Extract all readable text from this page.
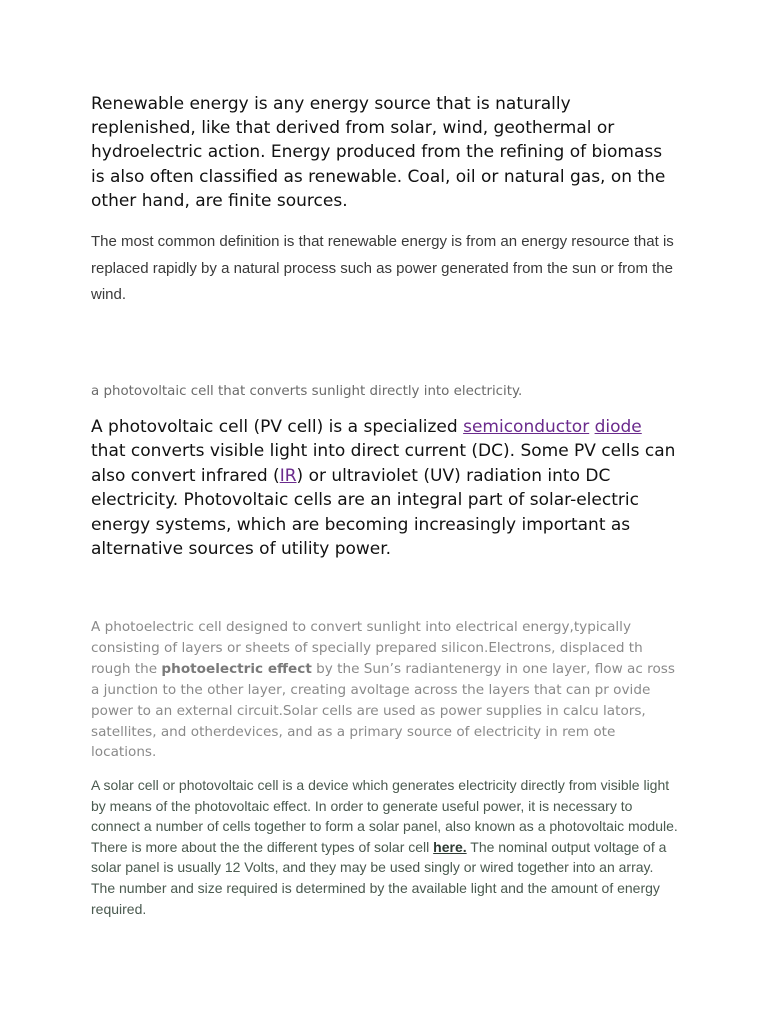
Renewable energy is any energy source that is naturally replenished, like that derived from solar, wind, geothermal or hydroelectric action. Energy produced from the refining of biomass is also often classified as renewable. Coal, oil or natural gas, on the other hand, are finite sources.

The most common definition is that renewable energy is from an energy resource that is replaced rapidly by a natural process such as power generated from the sun or from the wind.

a photovoltaic cell that converts sunlight directly into electricity.

A photovoltaic cell (PV cell) is a specialized semiconductor diode that converts visible light into direct current (DC). Some PV cells can also convert infrared (IR) or ultraviolet (UV) radiation into DC electricity. Photovoltaic cells are an integral part of solar-electric energy systems, which are becoming increasingly important as alternative sources of utility power.

A photoelectric cell designed to convert sunlight into electrical energy,typically consisting of layers or sheets of specially prepared silicon.Electrons, displaced th rough the photoelectric effect by the Sun’s radiantenergy in one layer, flow ac ross a junction to the other layer, creating avoltage across the layers that can pr ovide power to an external circuit.Solar cells are used as power supplies in calcu lators, satellites, and otherdevices, and as a primary source of electricity in rem ote locations.

A solar cell or photovoltaic cell is a device which generates electricity directly from visible light by means of the photovoltaic effect. In order to generate useful power, it is necessary to connect a number of cells together to form a solar panel, also known as a photovoltaic module. There is more about the the different types of solar cell here. The nominal output voltage of a solar panel is usually 12 Volts, and they may be used singly or wired together into an array. The number and size required is determined by the available light and the amount of energy required.
